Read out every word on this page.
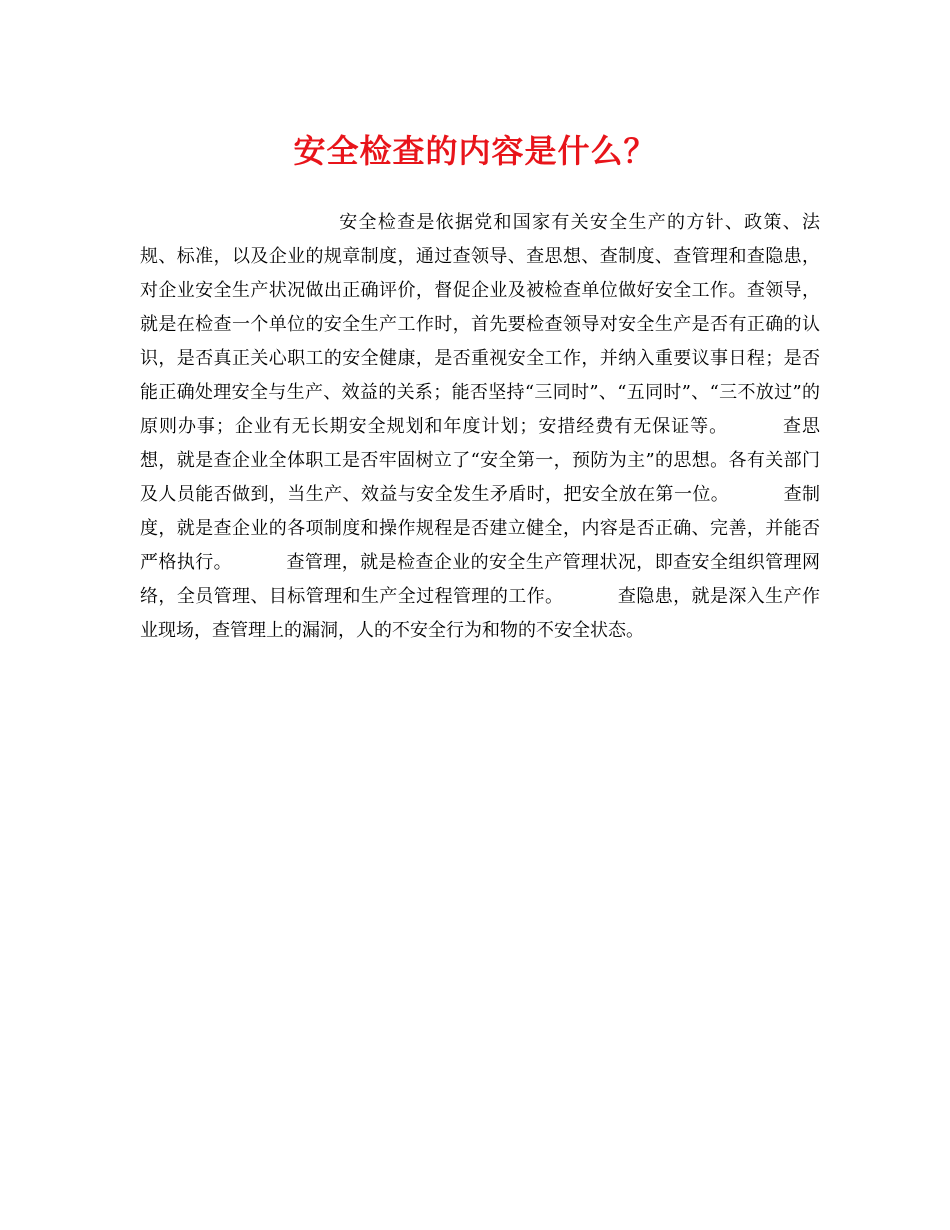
安全检查的内容是什么？

安全检查是依据党和国家有关安全生产的方针、政策、法规、标准，以及企业的规章制度，通过查领导、查思想、查制度、查管理和查隐患，对企业安全生产状况做出正确评价，督促企业及被检查单位做好安全工作。查领导，就是在检查一个单位的安全生产工作时，首先要检查领导对安全生产是否有正确的认识，是否真正关心职工的安全健康，是否重视安全工作，并纳入重要议事日程；是否能正确处理安全与生产、效益的关系；能否坚持“三同时”、“五同时”、“三不放过”的原则办事；企业有无长期安全规划和年度计划；安措经费有无保证等。	查思想，就是查企业全体职工是否牢固树立了“安全第一，预防为主”的思想。各有关部门及人员能否做到，当生产、效益与安全发生矛盾时，把安全放在第一位。	查制度，就是查企业的各项制度和操作规程是否建立健全，内容是否正确、完善，并能否严格执行。	查管理，就是检查企业的安全生产管理状况，即查安全组织管理网络，全员管理、目标管理和生产全过程管理的工作。	查隐患，就是深入生产作业现场，查管理上的漏洞，人的不安全行为和物的不安全状态。
